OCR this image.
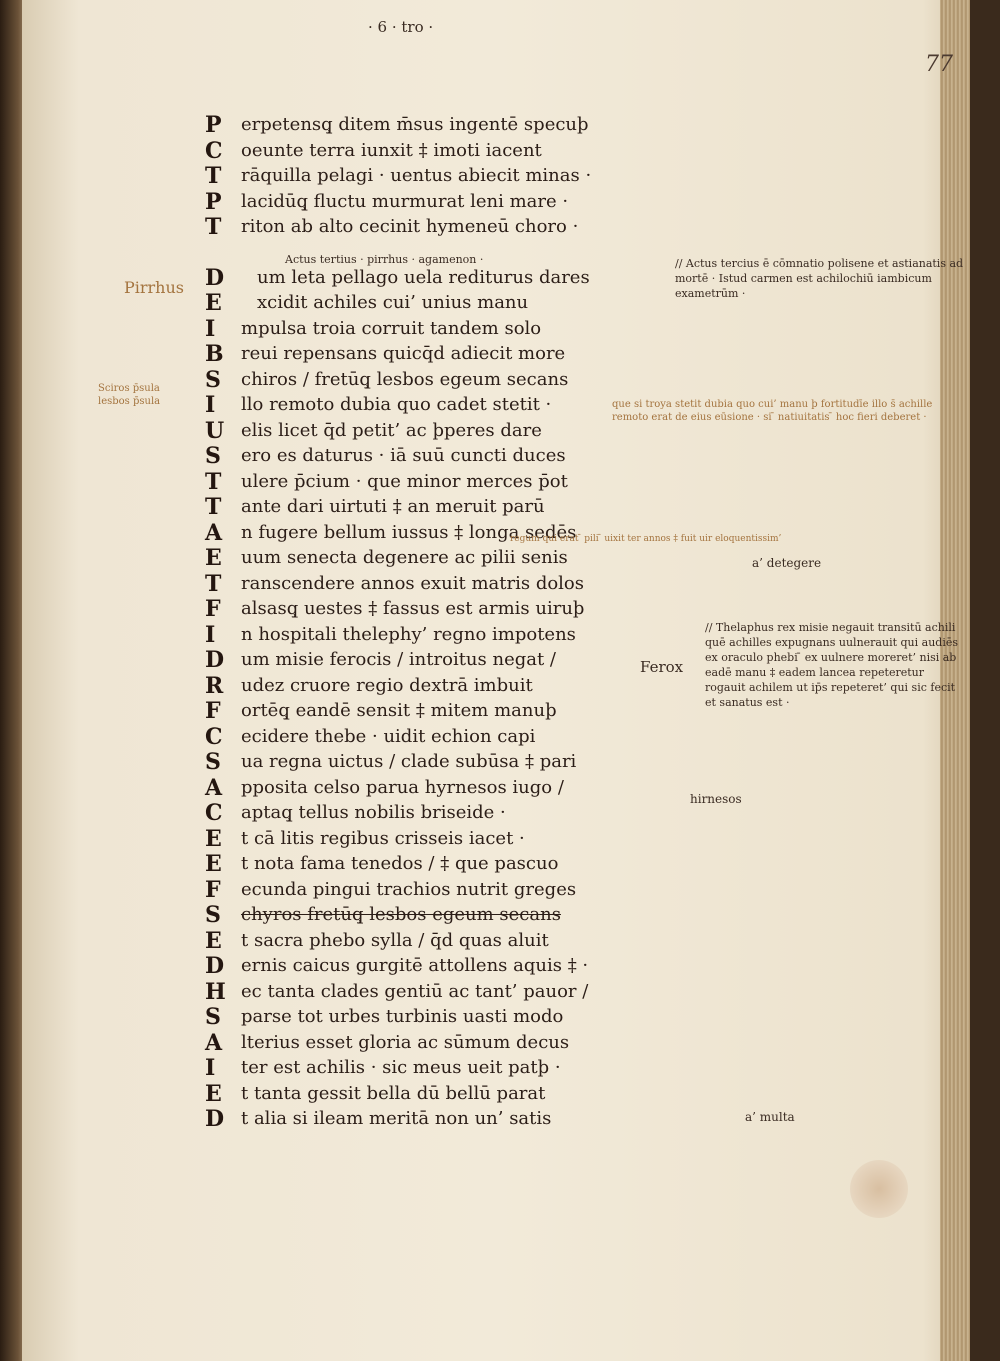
· 6 · tro ·
77
Actus tertius · pirrhus · agamenon ·
Pirrhus
P	erpetensq̧ ditem m̄sus ingentē specuþ
C	oeunte terra iunxit ‡ imoti iacent
T	rāquilla pelagi · uentus abiecit minas ·
P	lacidūq̧ fluctu murmurat leni mare ·
T	riton ab alto cecinit hymeneū choro ·
D	um leta pellago uela rediturus dares
E	xcidit achiles cui’ unius manu
I	mpulsa troia corruit tandem solo
B reui repensans quicq̄d adiecit more
S	chiros / fretūq̧ lesbos egeum secans
I	llo remoto dubia quo cadet stetit ·
U elis licet q̄d petit’ ac þperes dare
S	ero es daturus · iā suū cuncti duces
T	ulere p̄cium · que minor merces p̄ot
T	ante dari uirtuti ‡ an meruit parū
A	n fugere bellum iussus ‡ longa sedēs
E	uum senecta degenere ac pilii senis
T	ranscendere annos exuit matris dolos
F	alsasq̧ uestes ‡ fassus est armis uiruþ
I	n hospitali thelephy’ regno impotens
D um misie ferocis / introitus negat /
R udez cruore regio dextrā imbuit
F	ortēq̧ eandē sensit ‡ mitem manuþ
C	ecidere thebe · uidit echion capi
S	ua regna uictus / clade subūsa ‡ pari
A	pposita celso parua hyrnesos iugo /
C	aptaq̧ tellus nobilis briseide ·
E	t cā litis regibus crisseis iacet ·
E	t nota fama tenedos / ‡ que pascuo
F	ecunda pingui trachios nutrit greges
S	chyros fretūq̧ lesbos egeum secans
E	t sacra phebo sylla / q̄d quas aluit
D ernis caicus gurgitē attollens aquis ‡ ·
H ec tanta clades gentiū ac tant’ pauor /
S	parse tot urbes turbinis uasti modo
A	lterius esset gloria ac sūmum decus
I	ter est achilis · sic meus ueit patþ ·
E	t tanta gessit bella dū bellū parat
D t alia si ileam meritā non un’ satis
// Actus tercius ē cōmnatio polisene et astianatis ad mortē · Istud carmen est achilochiū iambicum exametrūm ·
Sciros p̄sula lesbos p̄sula	que si troya stetit dubia quo cui’ manu þ fortitudīe illo s̄ achille remoto erat de eius eūsione · si ̄ natiuitatis ̄ hoc fieri deberet ·
regum qui erat ̄ pili ̄ uixit ter annos ‡ fuit uir eloquentissim’
a’ detegere
Ferox
// Thelaphus rex misie negauit transitū achili quē achilles expugnans uulnerauit qui audiēs ex oraculo phebi ̄ ex uulnere moreret’ nisi ab eadē manu ‡ eadem lancea repeteretur rogauit achilem ut ip̄s repeteret’ qui sic fecit et sanatus est ·
hirnesos
a’ multa
